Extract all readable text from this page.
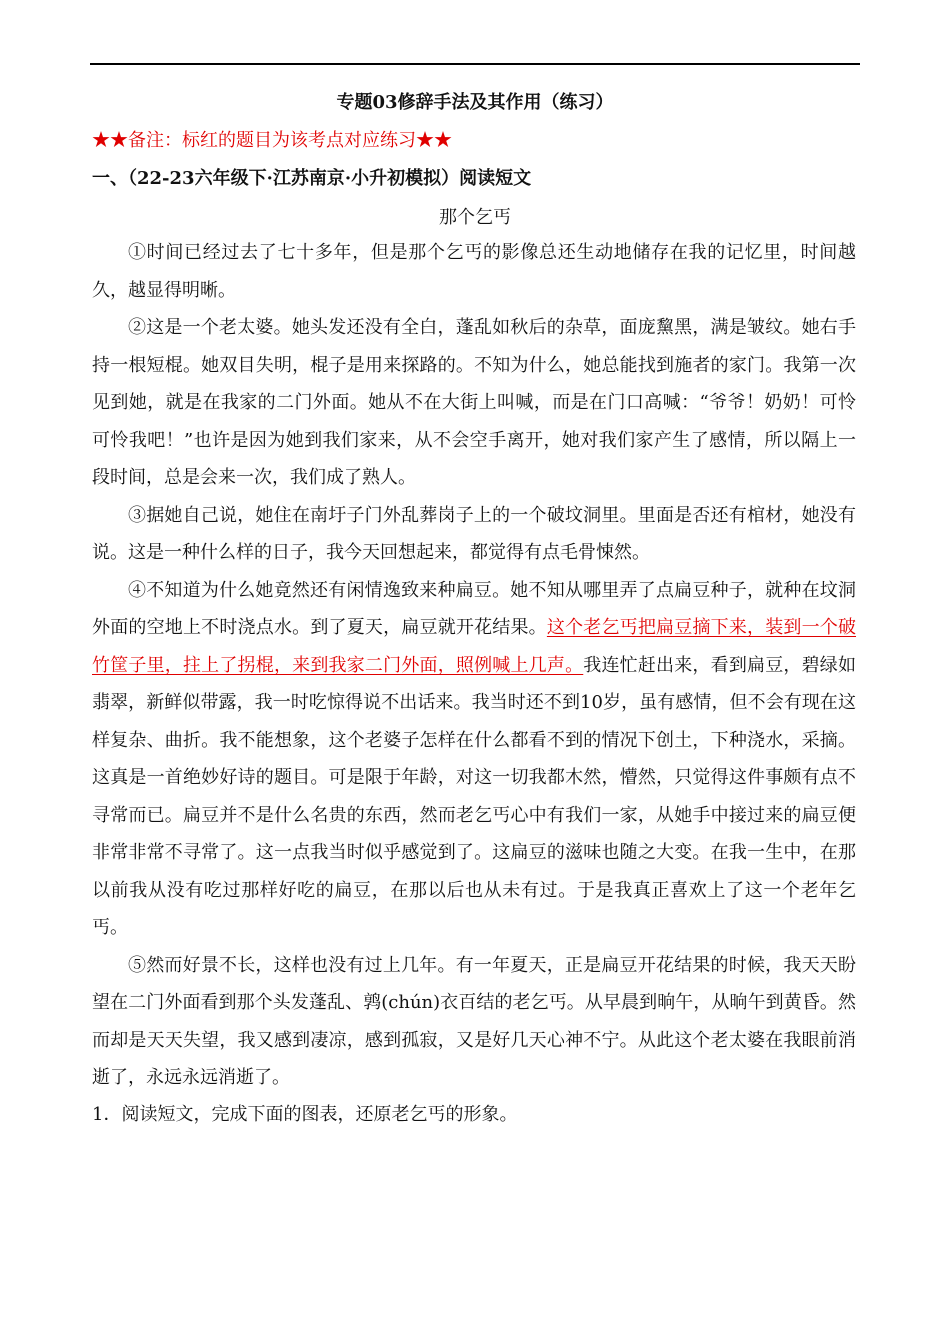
专题03修辞手法及其作用（练习）
★★备注：标红的题目为该考点对应练习★★
一、（22-23六年级下·江苏南京·小升初模拟）阅读短文
那个乞丐

①时间已经过去了七十多年，但是那个乞丐的影像总还生动地储存在我的记忆里，时间越久，越显得明晰。

②这是一个老太婆。她头发还没有全白，蓬乱如秋后的杂草，面庞黧黑，满是皱纹。她右手持一根短棍。她双目失明，棍子是用来探路的。不知为什么，她总能找到施者的家门。我第一次见到她，就是在我家的二门外面。她从不在大街上叫喊，而是在门口高喊：“爷爷！奶奶！可怜可怜我吧！”也许是因为她到我们家来，从不会空手离开，她对我们家产生了感情，所以隔上一段时间，总是会来一次，我们成了熟人。

③据她自己说，她住在南圩子门外乱葬岗子上的一个破坟洞里。里面是否还有棺材，她没有说。这是一种什么样的日子，我今天回想起来，都觉得有点毛骨悚然。

④不知道为什么她竟然还有闲情逸致来种扁豆。她不知从哪里弄了点扁豆种子，就种在坟洞外面的空地上不时浇点水。到了夏天，扁豆就开花结果。这个老乞丐把扁豆摘下来，装到一个破竹筐子里，拄上了拐棍，来到我家二门外面，照例喊上几声。我连忙赶出来，看到扁豆，碧绿如翡翠，新鲜似带露，我一时吃惊得说不出话来。我当时还不到10岁，虽有感情，但不会有现在这样复杂、曲折。我不能想象，这个老婆子怎样在什么都看不到的情况下创土，下种浇水，采摘。这真是一首绝妙好诗的题目。可是限于年龄，对这一切我都木然，懵然，只觉得这件事颇有点不寻常而已。扁豆并不是什么名贵的东西，然而老乞丐心中有我们一家，从她手中接过来的扁豆便非常非常不寻常了。这一点我当时似乎感觉到了。这扁豆的滋味也随之大变。在我一生中，在那以前我从没有吃过那样好吃的扁豆，在那以后也从未有过。于是我真正喜欢上了这一个老年乞丐。

⑤然而好景不长，这样也没有过上几年。有一年夏天，正是扁豆开花结果的时候，我天天盼望在二门外面看到那个头发蓬乱、鹑(chún)衣百结的老乞丐。从早晨到晌午，从晌午到黄昏。然而却是天天失望，我又感到凄凉，感到孤寂，又是好几天心神不宁。从此这个老太婆在我眼前消逝了，永远永远消逝了。

1．阅读短文，完成下面的图表，还原老乞丐的形象。
